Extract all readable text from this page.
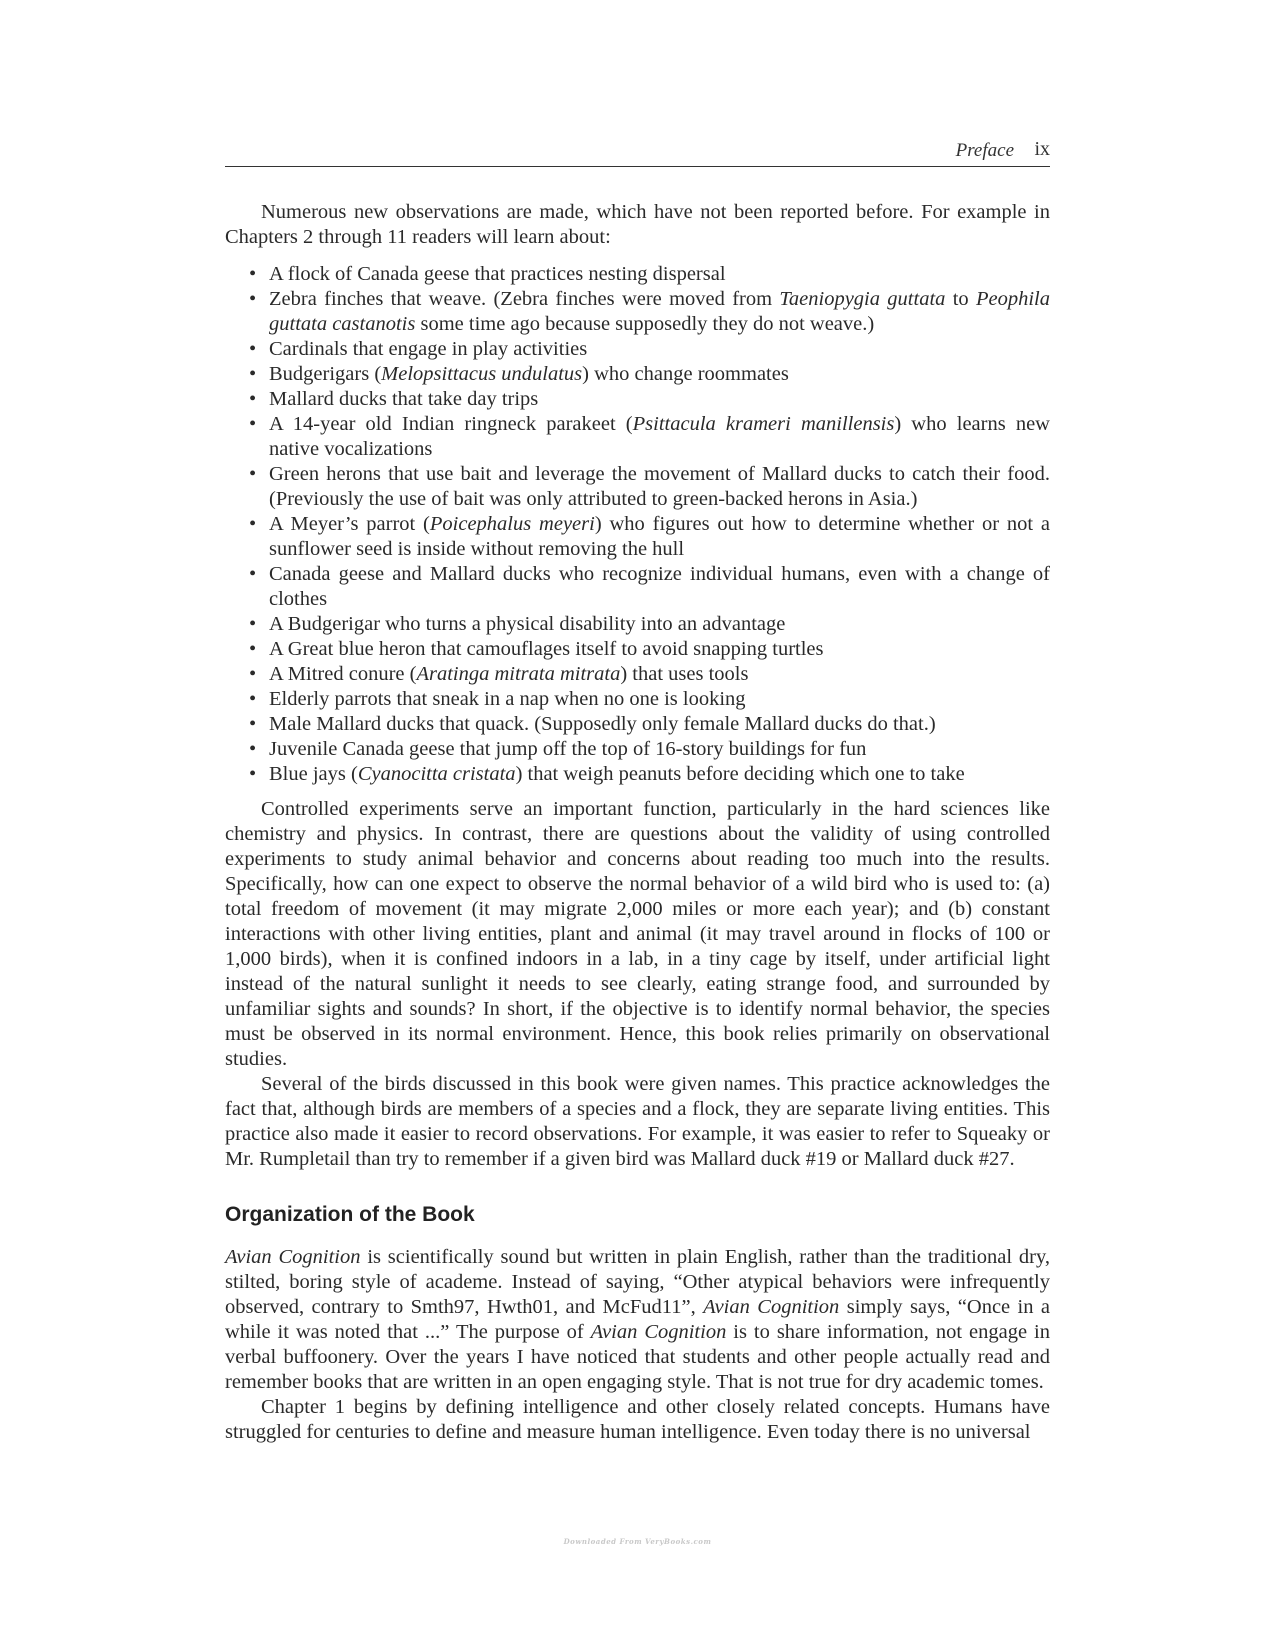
Preface ix

Numerous new observations are made, which have not been reported before. For example in Chapters 2 through 11 readers will learn about:

• A flock of Canada geese that practices nesting dispersal
• Zebra finches that weave. (Zebra finches were moved from Taeniopygia guttata to Peophila guttata castanotis some time ago because supposedly they do not weave.)
• Cardinals that engage in play activities
• Budgerigars (Melopsittacus undulatus) who change roommates
• Mallard ducks that take day trips
• A 14-year old Indian ringneck parakeet (Psittacula krameri manillensis) who learns new native vocalizations
• Green herons that use bait and leverage the movement of Mallard ducks to catch their food. (Previously the use of bait was only attributed to green-backed herons in Asia.)
• A Meyer’s parrot (Poicephalus meyeri) who figures out how to determine whether or not a sunflower seed is inside without removing the hull
• Canada geese and Mallard ducks who recognize individual humans, even with a change of clothes
• A Budgerigar who turns a physical disability into an advantage
• A Great blue heron that camouflages itself to avoid snapping turtles
• A Mitred conure (Aratinga mitrata mitrata) that uses tools
• Elderly parrots that sneak in a nap when no one is looking
• Male Mallard ducks that quack. (Supposedly only female Mallard ducks do that.)
• Juvenile Canada geese that jump off the top of 16-story buildings for fun
• Blue jays (Cyanocitta cristata) that weigh peanuts before deciding which one to take

Controlled experiments serve an important function, particularly in the hard sciences like chemistry and physics. In contrast, there are questions about the validity of using controlled experiments to study animal behavior and concerns about reading too much into the results. Specifically, how can one expect to observe the normal behavior of a wild bird who is used to: (a) total freedom of movement (it may migrate 2,000 miles or more each year); and (b) constant interactions with other living entities, plant and animal (it may travel around in flocks of 100 or 1,000 birds), when it is confined indoors in a lab, in a tiny cage by itself, under artificial light instead of the natural sunlight it needs to see clearly, eating strange food, and surrounded by unfamiliar sights and sounds? In short, if the objective is to identify normal behavior, the species must be observed in its normal environment. Hence, this book relies primarily on observational studies.

Several of the birds discussed in this book were given names. This practice acknowledges the fact that, although birds are members of a species and a flock, they are separate living entities. This practice also made it easier to record observations. For example, it was easier to refer to Squeaky or Mr. Rumpletail than try to remember if a given bird was Mallard duck #19 or Mallard duck #27.

Organization of the Book

Avian Cognition is scientifically sound but written in plain English, rather than the traditional dry, stilted, boring style of academe. Instead of saying, “Other atypical behaviors were infrequently observed, contrary to Smth97, Hwth01, and McFud11”, Avian Cognition simply says, “Once in a while it was noted that ...” The purpose of Avian Cognition is to share information, not engage in verbal buffoonery. Over the years I have noticed that students and other people actually read and remember books that are written in an open engaging style. That is not true for dry academic tomes.

Chapter 1 begins by defining intelligence and other closely related concepts. Humans have struggled for centuries to define and measure human intelligence. Even today there is no universal

Downloaded From VeryBooks.com
